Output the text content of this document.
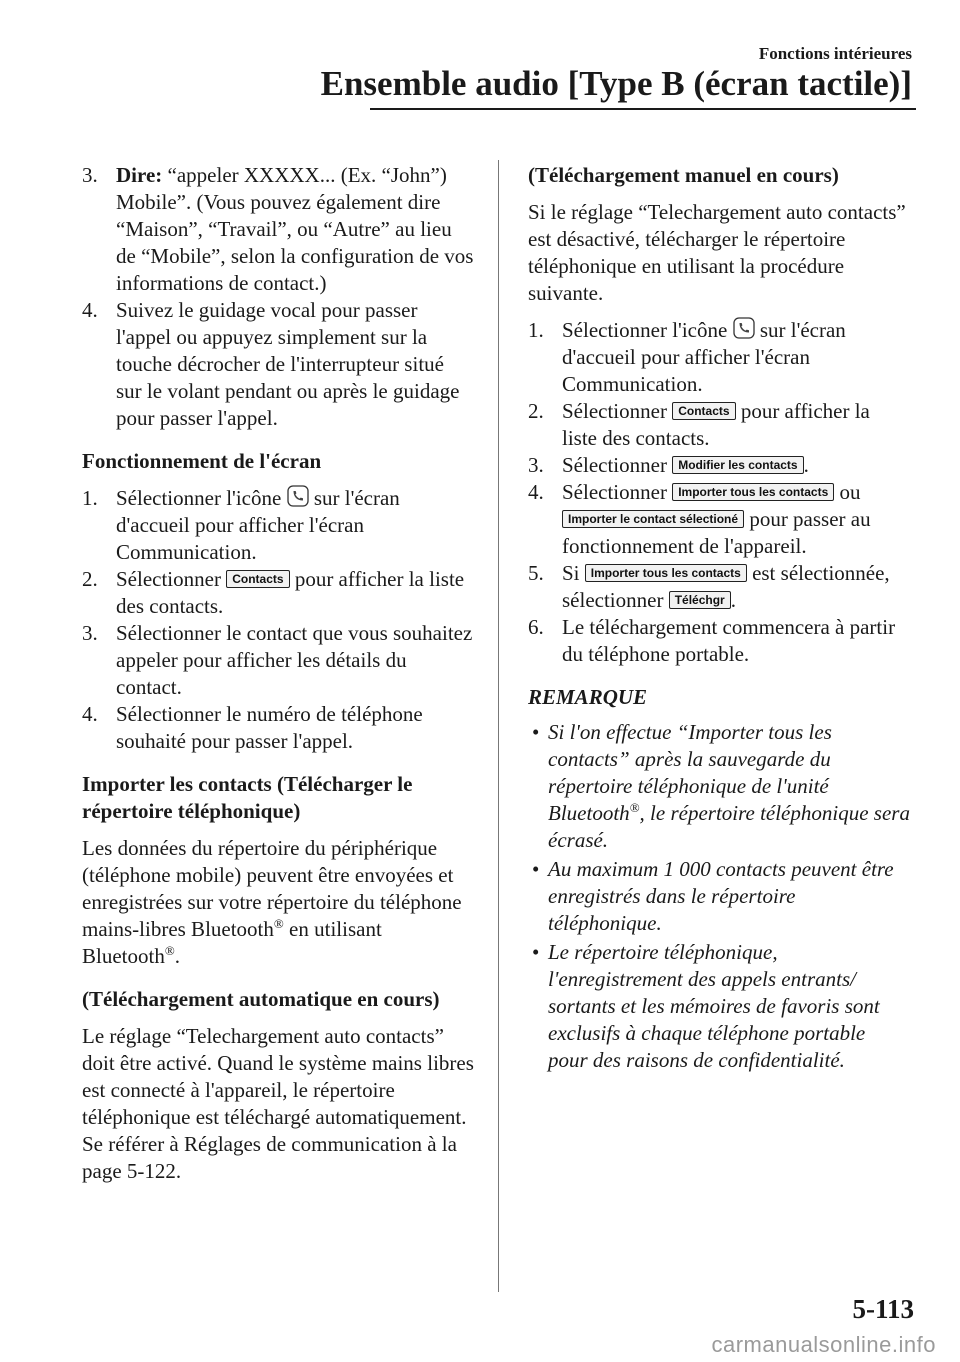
Fonctions intérieures
Ensemble audio [Type B (écran tactile)]
3. Dire: “appeler XXXXX... (Ex. “John”) Mobile”. (Vous pouvez également dire “Maison”, “Travail”, ou “Autre” au lieu de “Mobile”, selon la configuration de vos informations de contact.)
4. Suivez le guidage vocal pour passer l'appel ou appuyez simplement sur la touche décrocher de l'interrupteur situé sur le volant pendant ou après le guidage pour passer l'appel.
Fonctionnement de l'écran
1. Sélectionner l'icône  sur l'écran d'accueil pour afficher l'écran Communication.
2. Sélectionner Contacts pour afficher la liste des contacts.
3. Sélectionner le contact que vous souhaitez appeler pour afficher les détails du contact.
4. Sélectionner le numéro de téléphone souhaité pour passer l'appel.
Importer les contacts (Télécharger le répertoire téléphonique)

Les données du répertoire du périphérique (téléphone mobile) peuvent être envoyées et enregistrées sur votre répertoire du téléphone mains-libres Bluetooth® en utilisant Bluetooth®.

(Téléchargement automatique en cours)

Le réglage “Telechargement auto contacts” doit être activé. Quand le système mains libres est connecté à l'appareil, le répertoire téléphonique est téléchargé automatiquement.

Se référer à Réglages de communication à la page 5-122.

(Téléchargement manuel en cours)

Si le réglage “Telechargement auto contacts” est désactivé, télécharger le répertoire téléphonique en utilisant la procédure suivante.

1. Sélectionner l'icône  sur l'écran d'accueil pour afficher l'écran Communication.
2. Sélectionner Contacts pour afficher la liste des contacts.
3. Sélectionner Modifier les contacts .
4. Sélectionner Importer tous les contacts ou
Importer le contact sélectioné pour passer au fonctionnement de l'appareil.
5. Si Importer tous les contacts est sélectionnée, sélectionner Téléchgr .
6. Le téléchargement commencera à partir du téléphone portable.
REMARQUE
• Si l'on effectue “Importer tous les contacts” après la sauvegarde du répertoire téléphonique de l'unité Bluetooth®, le répertoire téléphonique sera écrasé.
• Au maximum 1 000 contacts peuvent être enregistrés dans le répertoire téléphonique.
• Le répertoire téléphonique, l'enregistrement des appels entrants/ sortants et les mémoires de favoris sont exclusifs à chaque téléphone portable pour des raisons de confidentialité.
5-113
carmanualsonline.info
